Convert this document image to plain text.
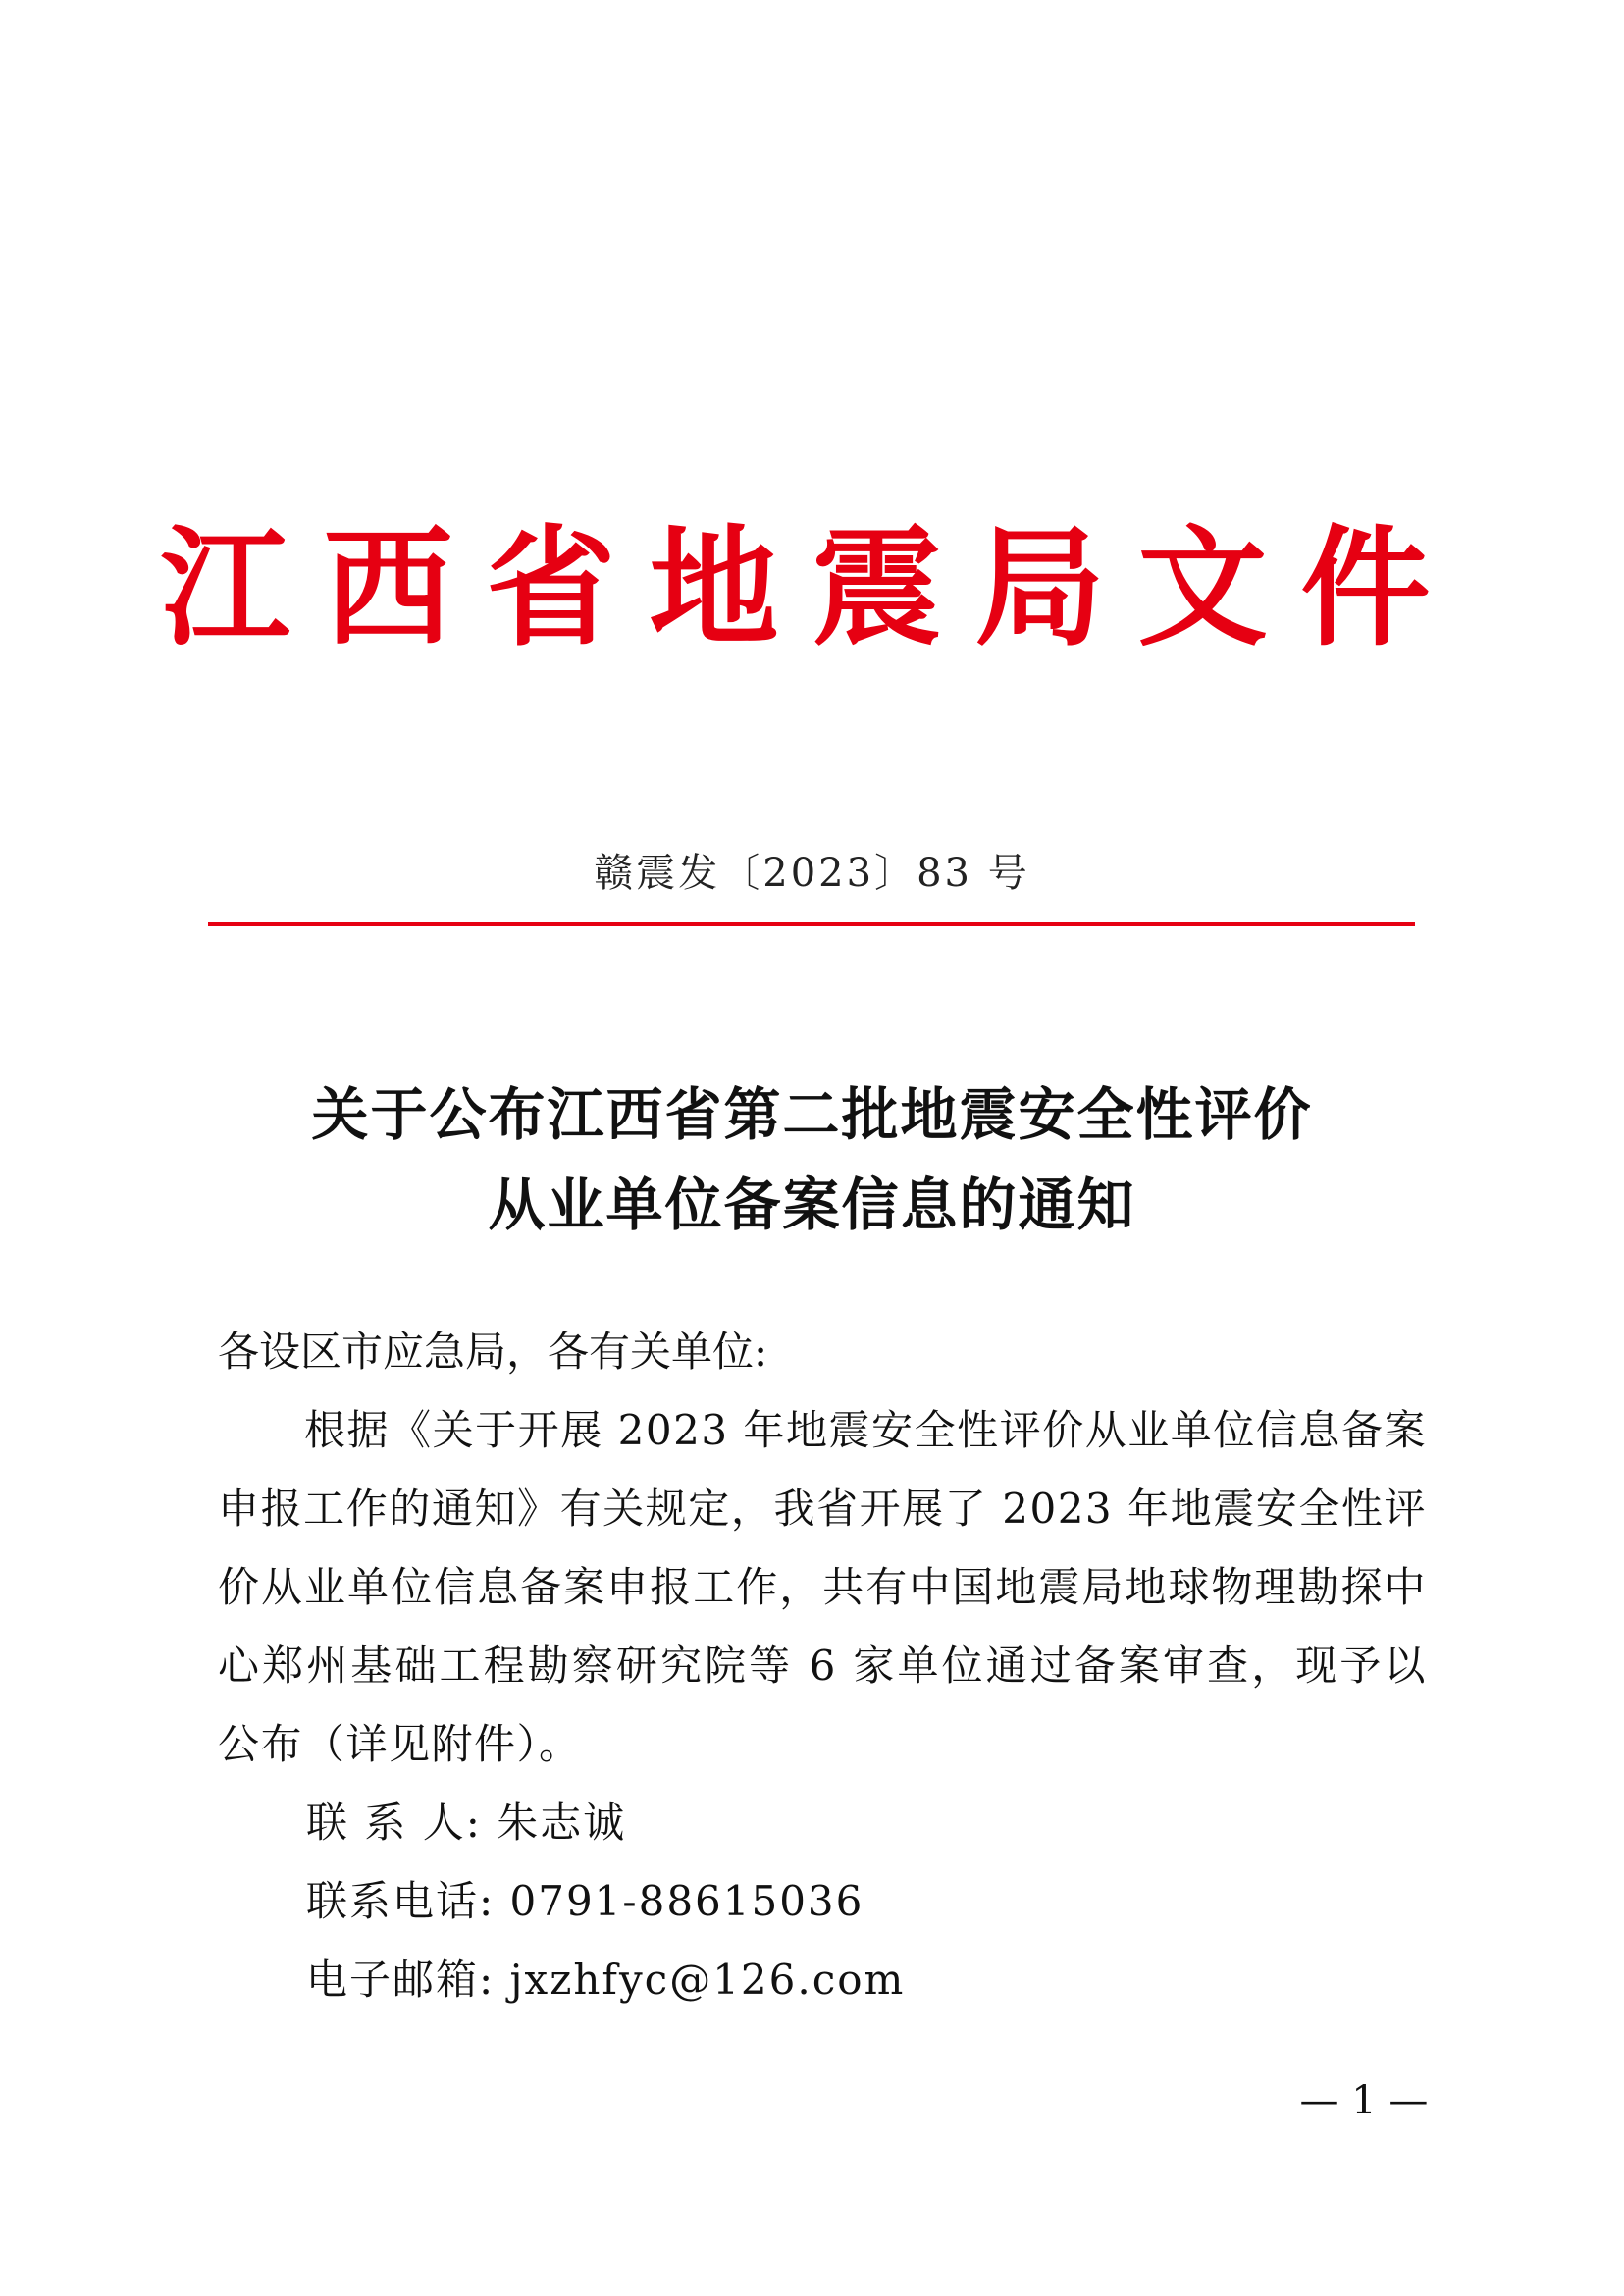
江西省地震局文件
赣震发〔2023〕83 号
关于公布江西省第二批地震安全性评价
从业单位备案信息的通知

各设区市应急局，各有关单位:

根据《关于开展 2023 年地震安全性评价从业单位信息备案申报工作的通知》有关规定，我省开展了 2023 年地震安全性评价从业单位信息备案申报工作，共有中国地震局地球物理勘探中心郑州基础工程勘察研究院等 6 家单位通过备案审查，现予以公布（详见附件）。

联 系 人: 朱志诚

联系电话: 0791-88615036

电子邮箱: jxzhfyc@126.com

— 1 —
